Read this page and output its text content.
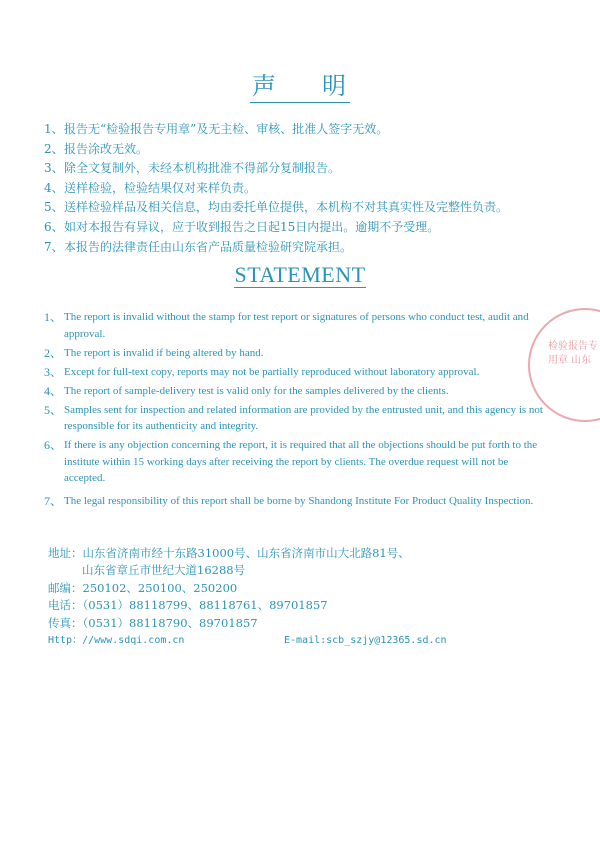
声 明
1、 报告无“检验报告专用章”及无主检、审核、批准人签字无效。
2、 报告涂改无效。
3、 除全文复制外，未经本机构批准不得部分复制报告。
4、 送样检验，检验结果仅对来样负责。
5、 送样检验样品及相关信息，均由委托单位提供，本机构不对其真实性及完整性负责。
6、 如对本报告有异议，应于收到报告之日起15日内提出。逾期不予受理。
7、 本报告的法律责任由山东省产品质量检验研究院承担。
STATEMENT
1、 The report is invalid without the stamp for test report or signatures of persons who conduct test, audit and approval.
2、 The report is invalid if being altered by hand.
3、 Except for full-text copy, reports may not be partially reproduced without laboratory approval.
4、 The report of sample-delivery test is valid only for the samples delivered by the clients.
5、 Samples sent for inspection and related information are provided by the entrusted unit, and this agency is not responsible for its authenticity and integrity.
6、 If there is any objection concerning the report, it is required that all the objections should be put forth to the institute within 15 working days after receiving the report by clients. The overdue request will not be accepted.
7、 The legal responsibility of this report shall be borne by Shandong Institute For Product Quality Inspection.
地址：山东省济南市经十东路31000号、山东省济南市山大北路81号、
山东省章丘市世纪大道16288号
邮编：250102、250100、250200
电话：（0531）88118799、88118761、89701857
传真：（0531）88118790、89701857
Http：//www.sdqi.com.cn	E-mail:scb_szjy@12365.sd.cn
检验报告专用章 山东
